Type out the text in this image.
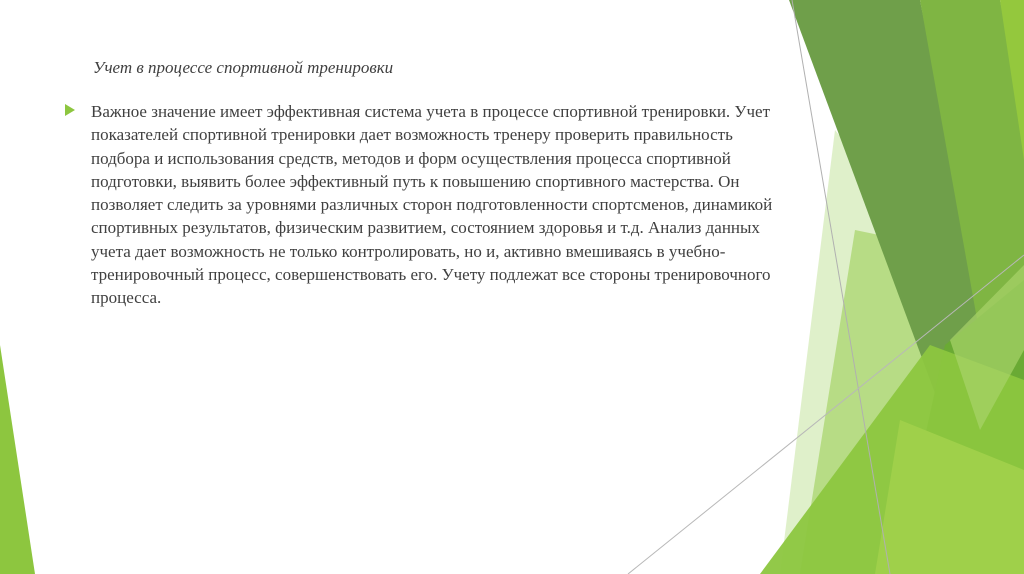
Учет в процессе спортивной тренировки
Важное значение имеет эффективная система учета в процессе спортивной тренировки. Учет показателей спортивной тренировки дает возможность тренеру проверить правильность подбора и использования средств, методов и форм осуществления процесса спортивной подготовки, выявить более эффективный путь к повышению спортивного мастерства. Он позволяет следить за уровнями различных сторон подготовленности спортсменов, динамикой спортивных результатов, физическим развитием, состоянием здоровья и т.д. Анализ данных учета дает возможность не только контролировать, но и, активно вмешиваясь в учебно-тренировочный процесс, совершенствовать его. Учету подлежат все стороны тренировочного процесса.
